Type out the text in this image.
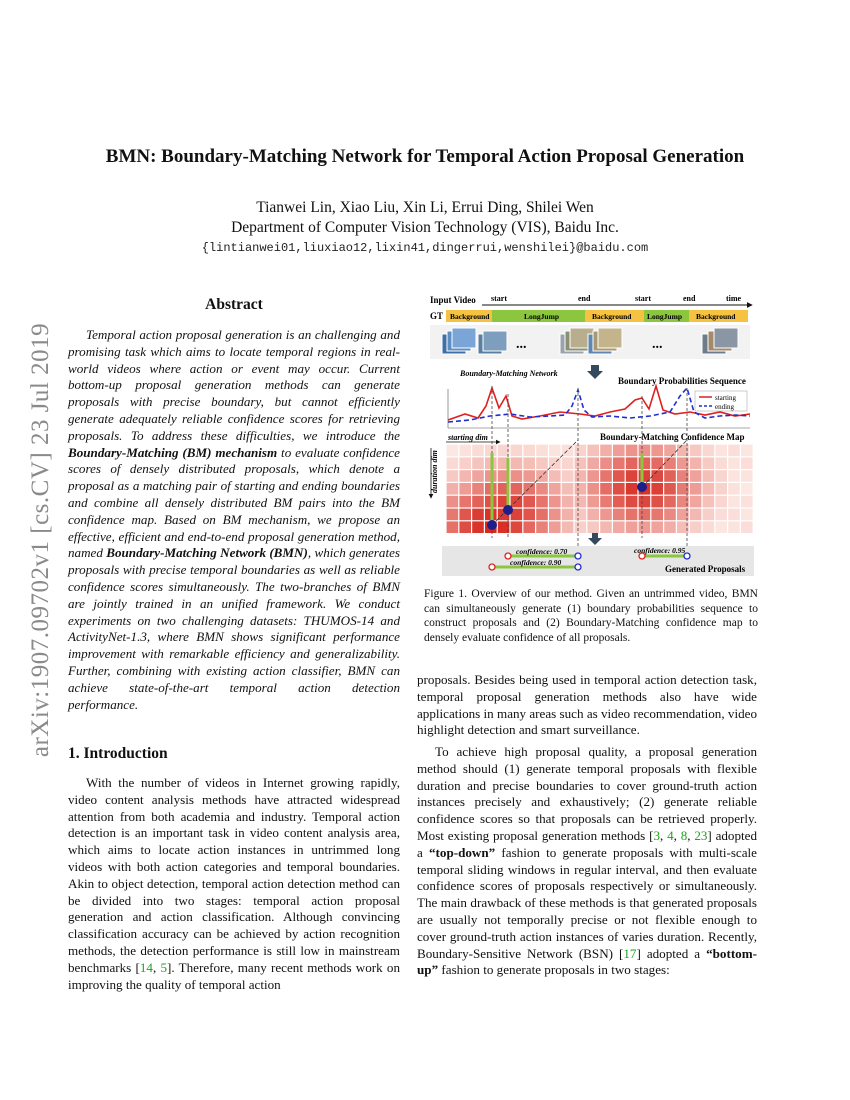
arXiv:1907.09702v1 [cs.CV] 23 Jul 2019
BMN: Boundary-Matching Network for Temporal Action Proposal Generation
Tianwei Lin, Xiao Liu, Xin Li, Errui Ding, Shilei Wen
Department of Computer Vision Technology (VIS), Baidu Inc.
{lintianwei01,liuxiao12,lixin41,dingerrui,wenshilei}@baidu.com
Abstract

Temporal action proposal generation is an challenging and promising task which aims to locate temporal regions in real-world videos where action or event may occur. Current bottom-up proposal generation methods can generate proposals with precise boundary, but cannot efficiently generate adequately reliable confidence scores for retrieving proposals. To address these difficulties, we introduce the Boundary-Matching (BM) mechanism to evaluate confidence scores of densely distributed proposals, which denote a proposal as a matching pair of starting and ending boundaries and combine all densely distributed BM pairs into the BM confidence map. Based on BM mechanism, we propose an effective, efficient and end-to-end proposal generation method, named Boundary-Matching Network (BMN), which generates proposals with precise temporal boundaries as well as reliable confidence scores simultaneously. The two-branches of BMN are jointly trained in an unified framework. We conduct experiments on two challenging datasets: THUMOS-14 and ActivityNet-1.3, where BMN shows significant performance improvement with remarkable efficiency and generalizability. Further, combining with existing action classifier, BMN can achieve state-of-the-art temporal action detection performance.

1. Introduction

With the number of videos in Internet growing rapidly, video content analysis methods have attracted widespread attention from both academia and industry. Temporal action detection is an important task in video content analysis area, which aims to locate action instances in untrimmed long videos with both action categories and temporal boundaries. Akin to object detection, temporal action detection method can be divided into two stages: temporal action proposal generation and action classification. Although convincing classification accuracy can be achieved by action recognition methods, the detection performance is still low in mainstream benchmarks [14, 5]. Therefore, many recent methods work on improving the quality of temporal action

Input Video start	end	start	end	time
GT Background	LongJump	Background LongJump Background
...	...
Boundary-Matching Network
Boundary Probabilities Sequence
starting
ending
starting dim	Boundary-Matching Confidence Map
duration dim
Generated Proposals
confidence: 0.70
confidence: 0.90
confidence: 0.95

Figure 1. Overview of our method. Given an untrimmed video, BMN can simultaneously generate (1) boundary probabilities sequence to construct proposals and (2) Boundary-Matching confidence map to densely evaluate confidence of all proposals.

proposals. Besides being used in temporal action detection task, temporal proposal generation methods also have wide applications in many areas such as video recommendation, video highlight detection and smart surveillance.

To achieve high proposal quality, a proposal generation method should (1) generate temporal proposals with flexible duration and precise boundaries to cover ground-truth action instances precisely and exhaustively; (2) generate reliable confidence scores so that proposals can be retrieved properly. Most existing proposal generation methods [3, 4, 8, 23] adopted a “top-down” fashion to generate proposals with multi-scale temporal sliding windows in regular interval, and then evaluate confidence scores of proposals respectively or simultaneously. The main drawback of these methods is that generated proposals are usually not temporally precise or not flexible enough to cover ground-truth action instances of varies duration. Recently, Boundary-Sensitive Network (BSN) [17] adopted a “bottom-up” fashion to generate proposals in two stages:
